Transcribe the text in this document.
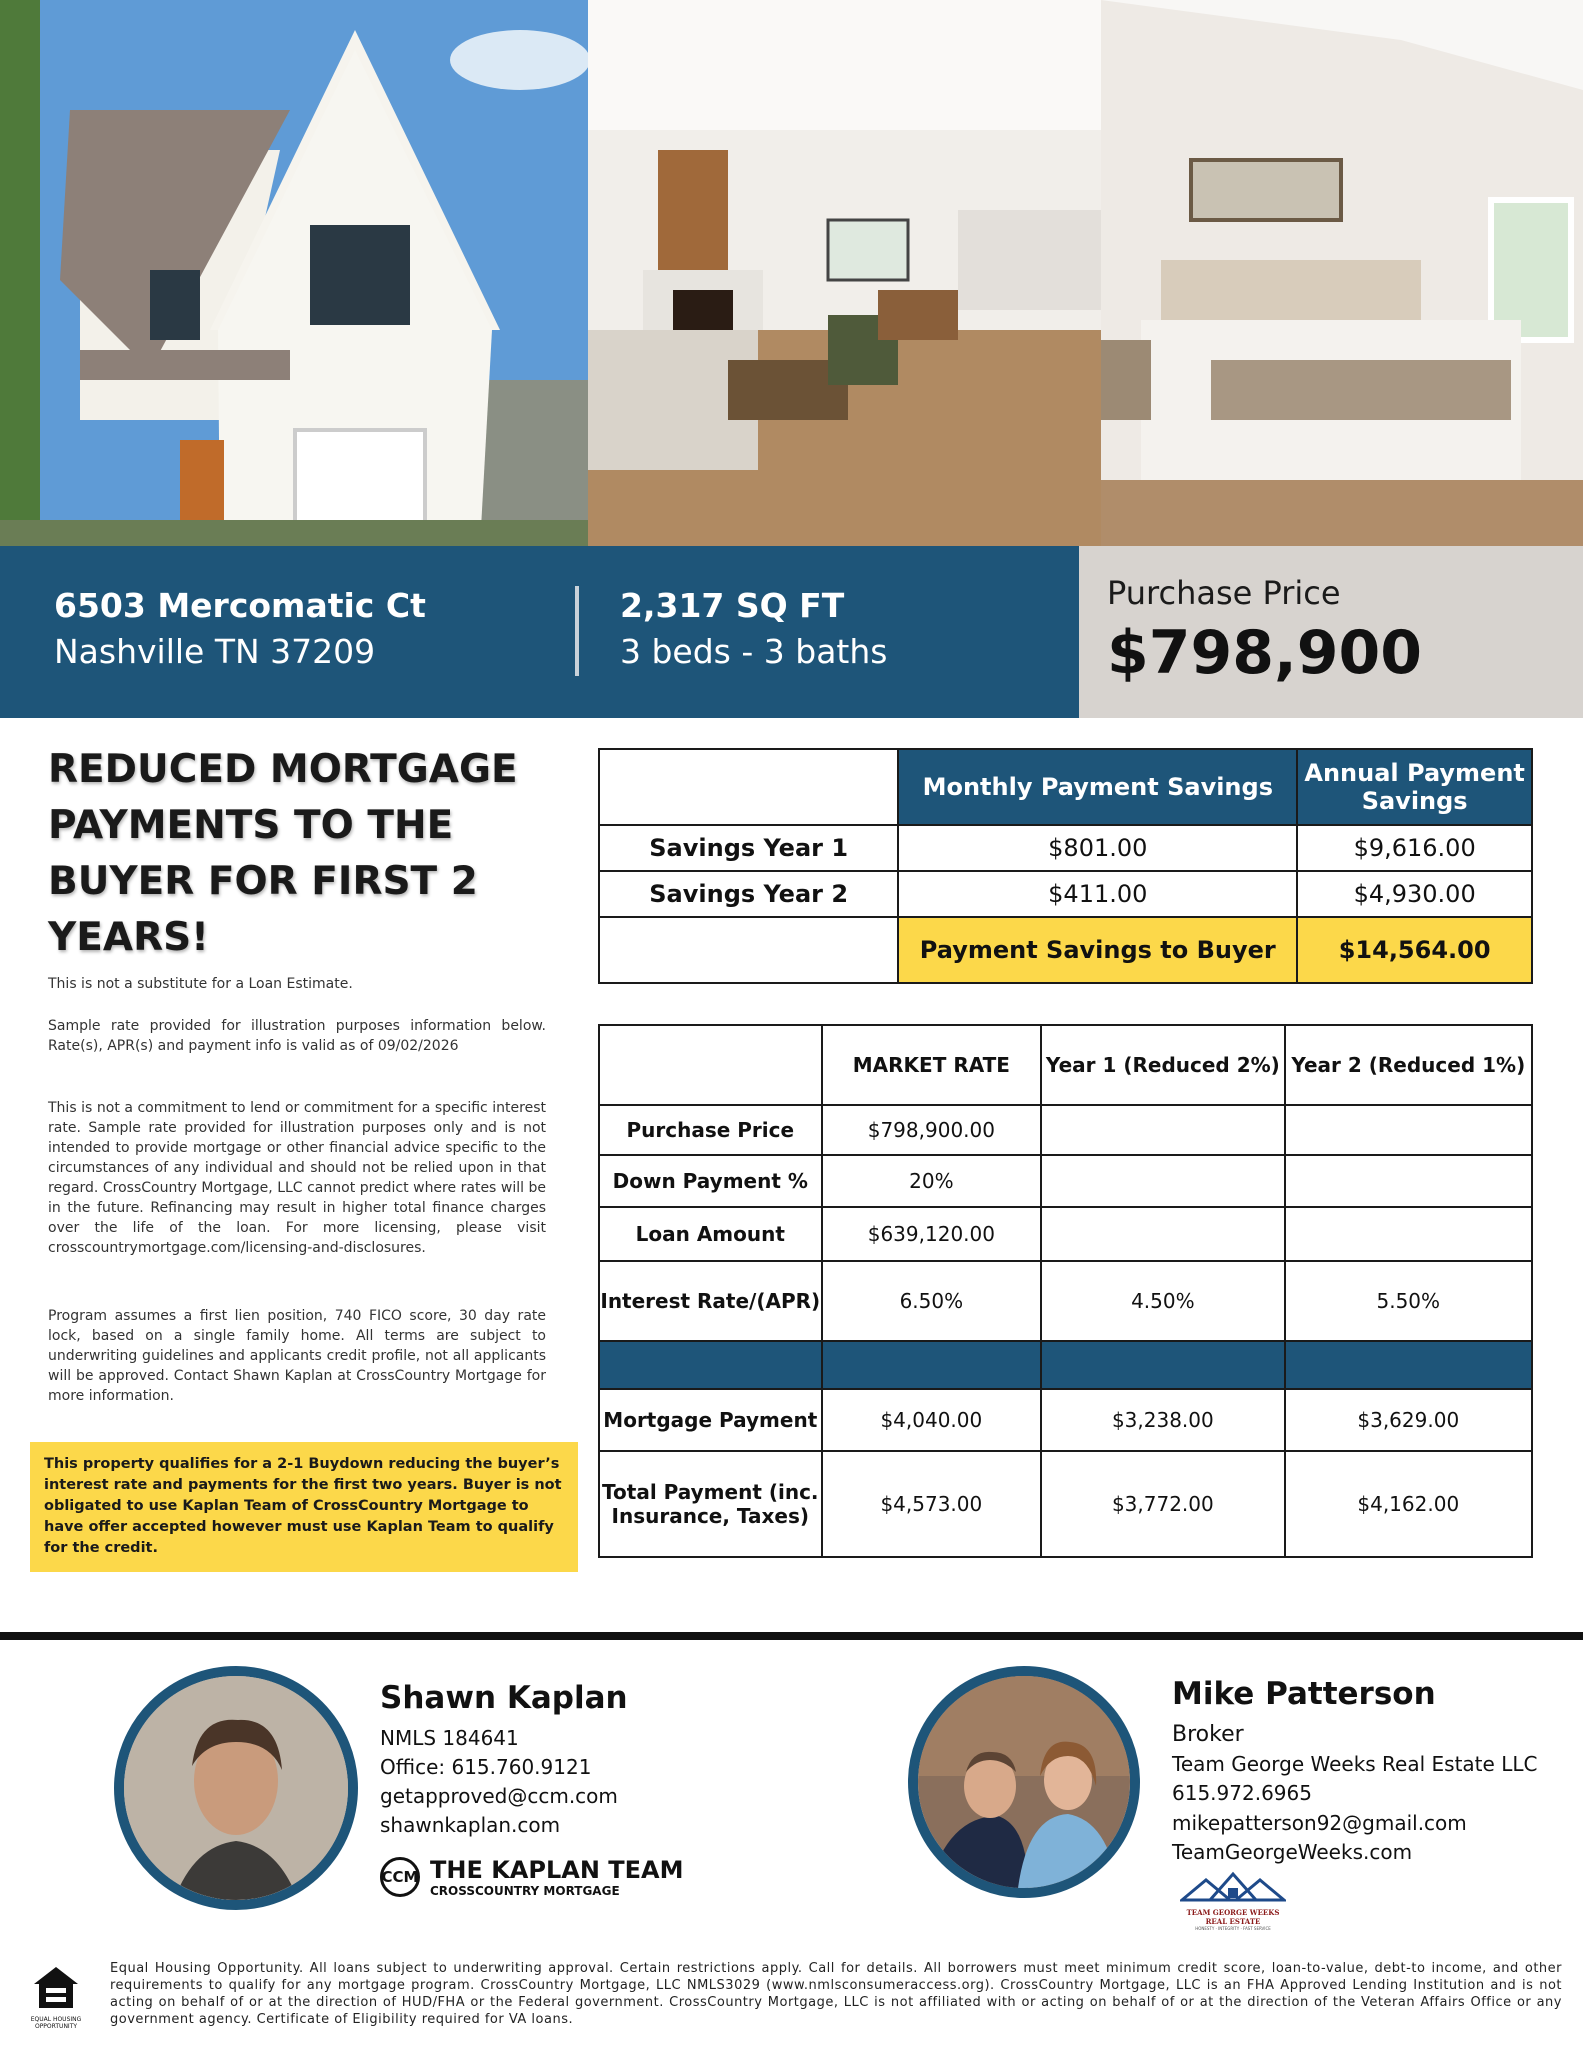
6503 Mercomatic Ct
Nashville TN 37209
2,317 SQ FT
3 beds - 3 baths
Purchase Price
$798,900
REDUCED MORTGAGE PAYMENTS TO THE BUYER FOR FIRST 2 YEARS!
This is not a substitute for a Loan Estimate.
Sample rate provided for illustration purposes information below. Rate(s), APR(s) and payment info is valid as of 09/02/2026
This is not a commitment to lend or commitment for a specific interest rate. Sample rate provided for illustration purposes only and is not intended to provide mortgage or other financial advice specific to the circumstances of any individual and should not be relied upon in that regard. CrossCountry Mortgage, LLC cannot predict where rates will be in the future. Refinancing may result in higher total finance charges over the life of the loan. For more licensing, please visit crosscountrymortgage.com/licensing-and-disclosures.
Program assumes a first lien position, 740 FICO score, 30 day rate lock, based on a single family home. All terms are subject to underwriting guidelines and applicants credit profile, not all applicants will be approved. Contact Shawn Kaplan at CrossCountry Mortgage for more information.
This property qualifies for a 2-1 Buydown reducing the buyer’s interest rate and payments for the first two years. Buyer is not obligated to use Kaplan Team of CrossCountry Mortgage to have offer accepted however must use Kaplan Team to qualify for the credit.
	Monthly Payment Savings	Annual Payment Savings
Savings Year 1	$801.00	$9,616.00
Savings Year 2	$411.00	$4,930.00
	Payment Savings to Buyer	$14,564.00
	MARKET RATE	Year 1 (Reduced 2%)	Year 2 (Reduced 1%)
Purchase Price	$798,900.00		
Down Payment %	20%		
Loan Amount	$639,120.00		
Interest Rate/(APR)	6.50%	4.50%	5.50%

Mortgage Payment	$4,040.00	$3,238.00	$3,629.00
Total Payment (inc. Insurance, Taxes)	$4,573.00	$3,772.00	$4,162.00
Shawn Kaplan
NMLS 184641
Office: 615.760.9121
getapproved@ccm.com
shawnkaplan.com
CCM THE KAPLAN TEAM
CROSSCOUNTRY MORTGAGE
Mike Patterson
Broker
Team George Weeks Real Estate LLC
615.972.6965
mikepatterson92@gmail.com
TeamGeorgeWeeks.com
TEAM GEORGE WEEKS
REAL ESTATE
HONESTY · INTEGRITY · FAST SERVICE
EQUAL HOUSING OPPORTUNITY
Equal Housing Opportunity. All loans subject to underwriting approval. Certain restrictions apply. Call for details. All borrowers must meet minimum credit score, loan-to-value, debt-to income, and other requirements to qualify for any mortgage program. CrossCountry Mortgage, LLC NMLS3029 (www.nmlsconsumeraccess.org). CrossCountry Mortgage, LLC is an FHA Approved Lending Institution and is not acting on behalf of or at the direction of HUD/FHA or the Federal government. CrossCountry Mortgage, LLC is not affiliated with or acting on behalf of or at the direction of the Veteran Affairs Office or any government agency. Certificate of Eligibility required for VA loans.
